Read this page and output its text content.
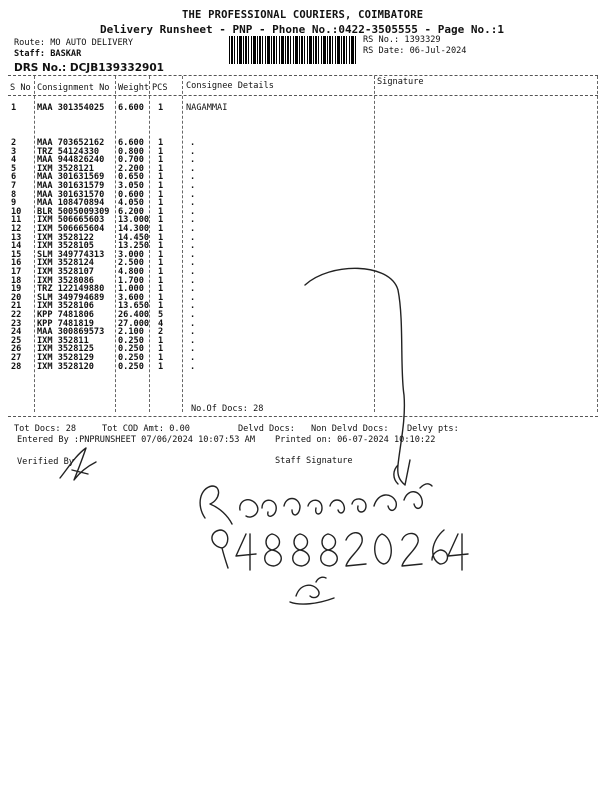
THE PROFESSIONAL COURIERS, COIMBATORE
Delivery Runsheet - PNP - Phone No.:0422-3505555 - Page No.:1
Route: MO AUTO DELIVERY
Staff: BASKAR
DRS No.: DCJB139332901
RS No.: 1393329
RS Date: 06-Jul-2024
S No Consignment No Weight PCS Consignee Details	Signature
1 MAA 301354025 6.600 1	NAGAMMAI
2 MAA 703652162 6.600 1	.
3 TRZ 54124330 0.800 1	.
4 MAA 944826240 0.700 1	.
5 IXM 3528121	2.200 1	.
6 MAA 301631569 0.650 1	.
7 MAA 301631579 3.050 1	.
8 MAA 301631570 0.600 1	.
9 MAA 108470894 4.050 1	.
10 BLR 5005009309 6.200 1	.
11 IXM 506665603 13.000 1	.
12 IXM 506665604 14.300 1	.
13 IXM 3528122	14.450 1	.
14 IXM 3528105	13.250 1	.
15 SLM 349774313 3.000 1	.
16 IXM 3528124	2.500 1	.
17 IXM 3528107	4.800 1	.
18 IXM 3528086	1.700 1	.
19 TRZ 122149880 1.000 1	.
20 SLM 349794689 3.600 1	.
21 IXM 3528106	13.650 1	.
22 KPP 7481806	26.400 5	.
23 KPP 7481819	27.000 4	.
24 MAA 300869573 2.100 2	.
25 IXM 352811	0.250 1	.
26 IXM 3528125	0.250 1	.
27 IXM 3528129	0.250 1	.
28 IXM 3528120	0.250 1	.
No.Of Docs: 28
Tot Docs: 28	Tot COD Amt: 0.00	Delvd Docs: Non Delvd Docs: Delvy pts:
Entered By :PNPRUNSHEET 07/06/2024 10:07:53 AM Printed on: 06-07-2024 10:10:22
Verified By	Staff Signature
